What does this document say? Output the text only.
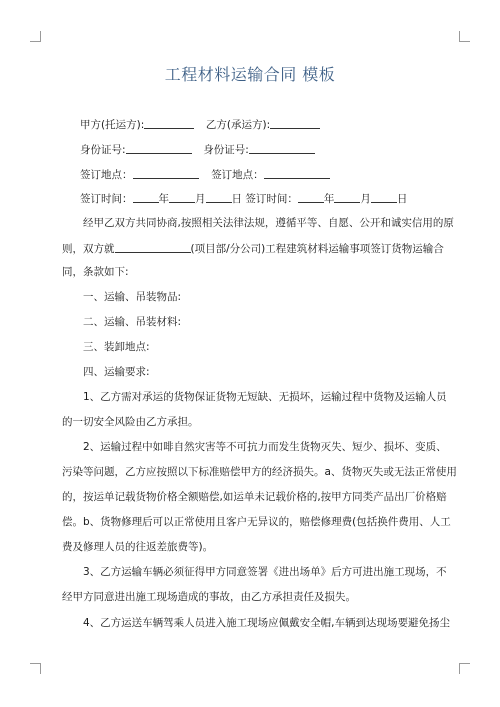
工程材料运输合同 模板
甲方(托运方):	乙方(承运方):
身份证号:	身份证号:
签订地点：	签订地点：
签订时间： 年 月 日 签订时间： 年 月 日
经甲乙双方共同协商,按照相关法律法规，遵循平等、自愿、公开和诚实信用的原
则，双方就	(项目部/分公司)工程建筑材料运输事项签订货物运输合
同，条款如下:
一、运输、吊装物品:
二、运输、吊装材料:
三、装卸地点:
四、运输要求:
1、乙方需对承运的货物保证货物无短缺、无损坏，运输过程中货物及运输人员
的一切安全风险由乙方承担。
2、运输过程中如啡自然灾害等不可抗力而发生货物灭失、短少、损坏、变质、
污染等问题，乙方应按照以下标准赔偿甲方的经济损失。a、货物灭失或无法正常使用
的，按运单记载货物价格全额赔偿,如运单未记载价格的,按甲方同类产品出厂价格赔
偿。b、货物修理后可以正常使用且客户无异议的，赔偿修理费(包括换件费用、人工
费及修理人员的往返差旅费等)。
3、乙方运输车辆必须征得甲方同意签署《进出场单》后方可进出施工现场，不
经甲方同意进出施工现场造成的事故，由乙方承担责任及损失。
4、乙方运送车辆驾乘人员进入施工现场应佩戴安全帽,车辆到达现场要避免扬尘
